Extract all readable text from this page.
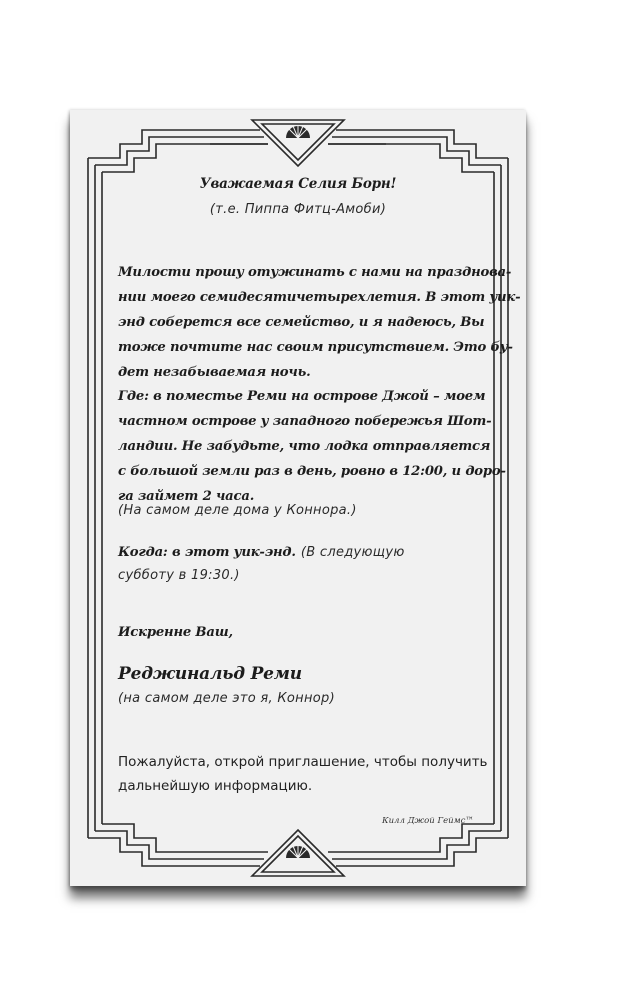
Уважаемая Селия Борн!
(т.е. Пиппа Фитц-Амоби)
Милости прошу отужинать с нами на празднова-
нии моего семидесятичетырехлетия. В этот уик-
энд соберется все семейство, и я надеюсь, Вы
тоже почтите нас своим присутствием. Это бу-
дет незабываемая ночь.
Где: в поместье Реми на острове Джой – моем
частном острове у западного побережья Шот-
ландии. Не забудьте, что лодка отправляется
с большой земли раз в день, ровно в 12:00, и доро-
га займет 2 часа.
(На самом деле дома у Коннора.)
Когда: в этот уик-энд. (В следующую
субботу в 19:30.)
Искренне Ваш,
Реджинальд Реми
(на самом деле это я, Коннор)
Пожалуйста, открой приглашение, чтобы получить
дальнейшую информацию.
Килл Джой Геймс™
